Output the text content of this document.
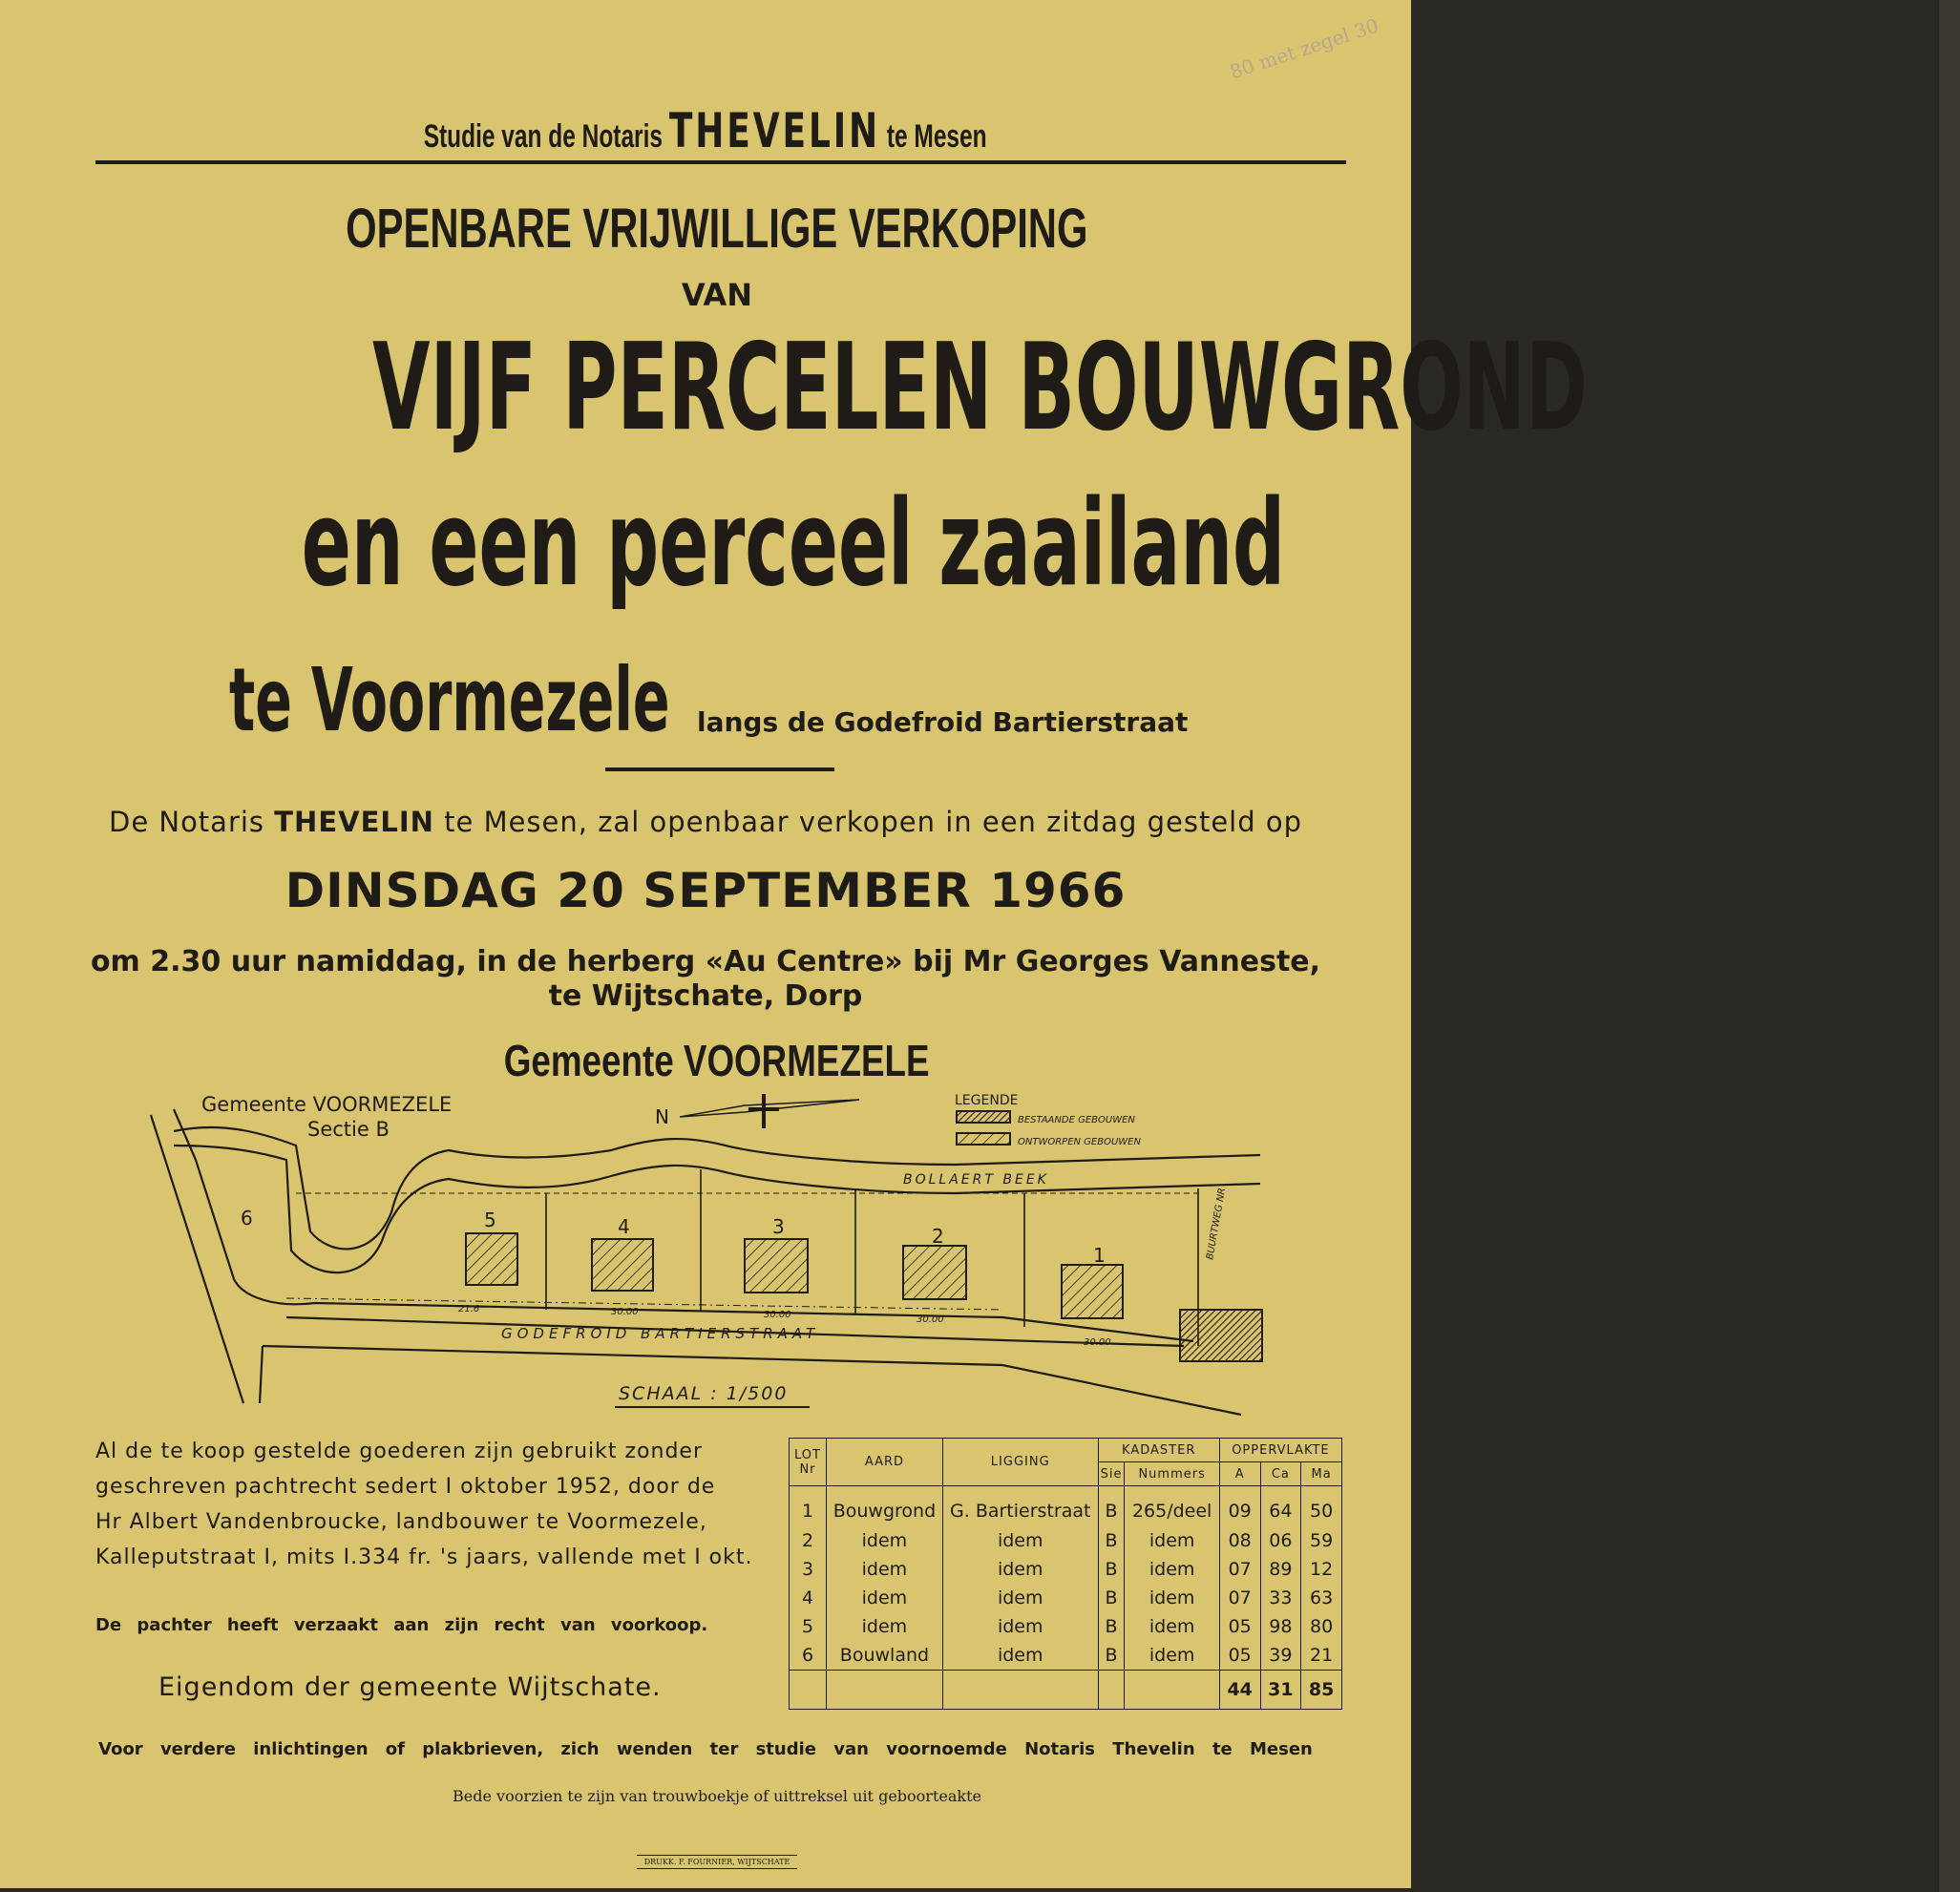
80 met zegel 30
Studie van de Notaris THEVELIN te Mesen
OPENBARE VRIJWILLIGE VERKOPING
VAN
VIJF PERCELEN BOUWGROND
en een perceel zaailand
te Voormezele langs de Godefroid Bartierstraat
De Notaris THEVELIN te Mesen, zal openbaar verkopen in een zitdag gesteld op
DINSDAG 20 SEPTEMBER 1966
om 2.30 uur namiddag, in de herberg «Au Centre» bij Mr Georges Vanneste,
te Wijtschate, Dorp
Gemeente VOORMEZELE
Gemeente VOORMEZELE
Sectie B
N
LEGENDE
BESTAANDE GEBOUWEN
ONTWORPEN GEBOUWEN
BOLLAERT BEEK
GODEFROID BARTIERSTRAAT
BUURTWEG NR
6	5	4	3	2
1
21.6	30.00	30.00	30.00
30.00
SCHAAL : 1/500
Al de te koop gestelde goederen zijn gebruikt zonder
geschreven pachtrecht sedert I oktober 1952, door de
Hr Albert Vandenbroucke, landbouwer te Voormezele,
Kalleputstraat I, mits I.334 fr. 's jaars, vallende met I okt.
De pachter heeft verzaakt aan zijn recht van voorkoop.
Eigendom der gemeente Wijtschate.
LOT Nr	AARD	LIGGING	KADASTER		OPPERVLAKTE		
			Sie	Nummers	A	Ca	Ma
1	Bouwgrond	G. Bartierstraat	B	265/deel	09	64	50
2	idem	idem	B	idem	08	06	59
3	idem	idem	B	idem	07	89	12
4	idem	idem	B	idem	07	33	63
5	idem	idem	B	idem	05	98	80
6	Bouwland	idem	B	idem	05	39	21
					44	31	85
Voor verdere inlichtingen of plakbrieven, zich wenden ter studie van voornoemde Notaris Thevelin te Mesen
Bede voorzien te zijn van trouwboekje of uittreksel uit geboorteakte
DRUKK. F. FOURNIER, WIJTSCHATE
